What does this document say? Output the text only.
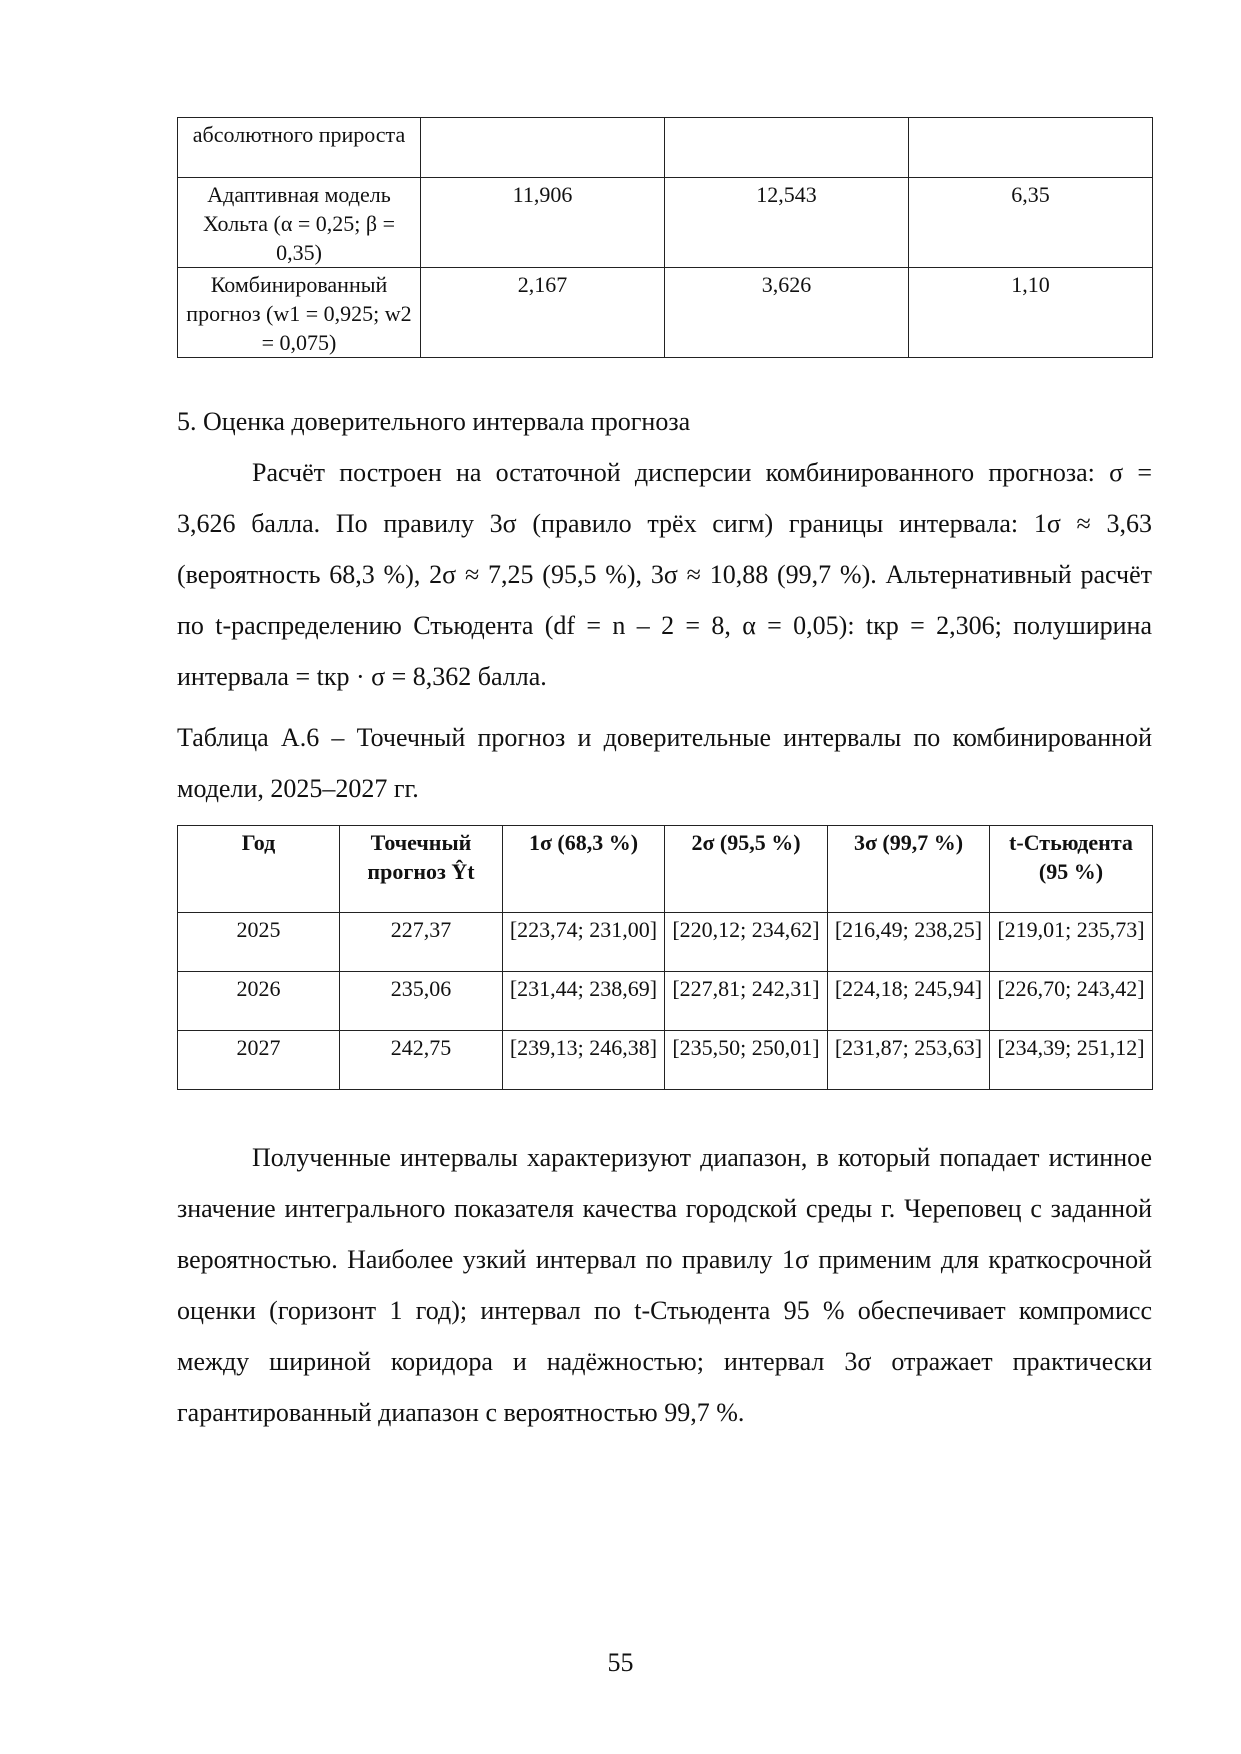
абсолютного прироста			
Адаптивная модель Хольта (α = 0,25; β = 0,35)	11,906	12,543	6,35
Комбинированный прогноз (w1 = 0,925; w2 = 0,075)	2,167	3,626	1,10

5. Оценка доверительного интервала прогноза

Расчёт построен на остаточной дисперсии комбинированного прогноза: σ = 3,626 балла. По правилу 3σ (правило трёх сигм) границы интервала: 1σ ≈ 3,63 (вероятность 68,3 %), 2σ ≈ 7,25 (95,5 %), 3σ ≈ 10,88 (99,7 %). Альтернативный расчёт по t-распределению Стьюдента (df = n – 2 = 8, α = 0,05): tкр = 2,306; полуширина интервала = tкр · σ = 8,362 балла.

Таблица А.6 – Точечный прогноз и доверительные интервалы по комбинированной модели, 2025–2027 гг.

Год	Точечный прогноз Ŷt	1σ (68,3 %)	2σ (95,5 %)	3σ (99,7 %)	t-Стьюдента (95 %)
2025	227,37	[223,74; 231,00]	[220,12; 234,62]	[216,49; 238,25]	[219,01; 235,73]
2026	235,06	[231,44; 238,69]	[227,81; 242,31]	[224,18; 245,94]	[226,70; 243,42]
2027	242,75	[239,13; 246,38]	[235,50; 250,01]	[231,87; 253,63]	[234,39; 251,12]

Полученные интервалы характеризуют диапазон, в который попадает истинное значение интегрального показателя качества городской среды г. Череповец с заданной вероятностью. Наиболее узкий интервал по правилу 1σ применим для краткосрочной оценки (горизонт 1 год); интервал по t-Стьюдента 95 % обеспечивает компромисс между шириной коридора и надёжностью; интервал 3σ отражает практически гарантированный диапазон с вероятностью 99,7 %.

55
